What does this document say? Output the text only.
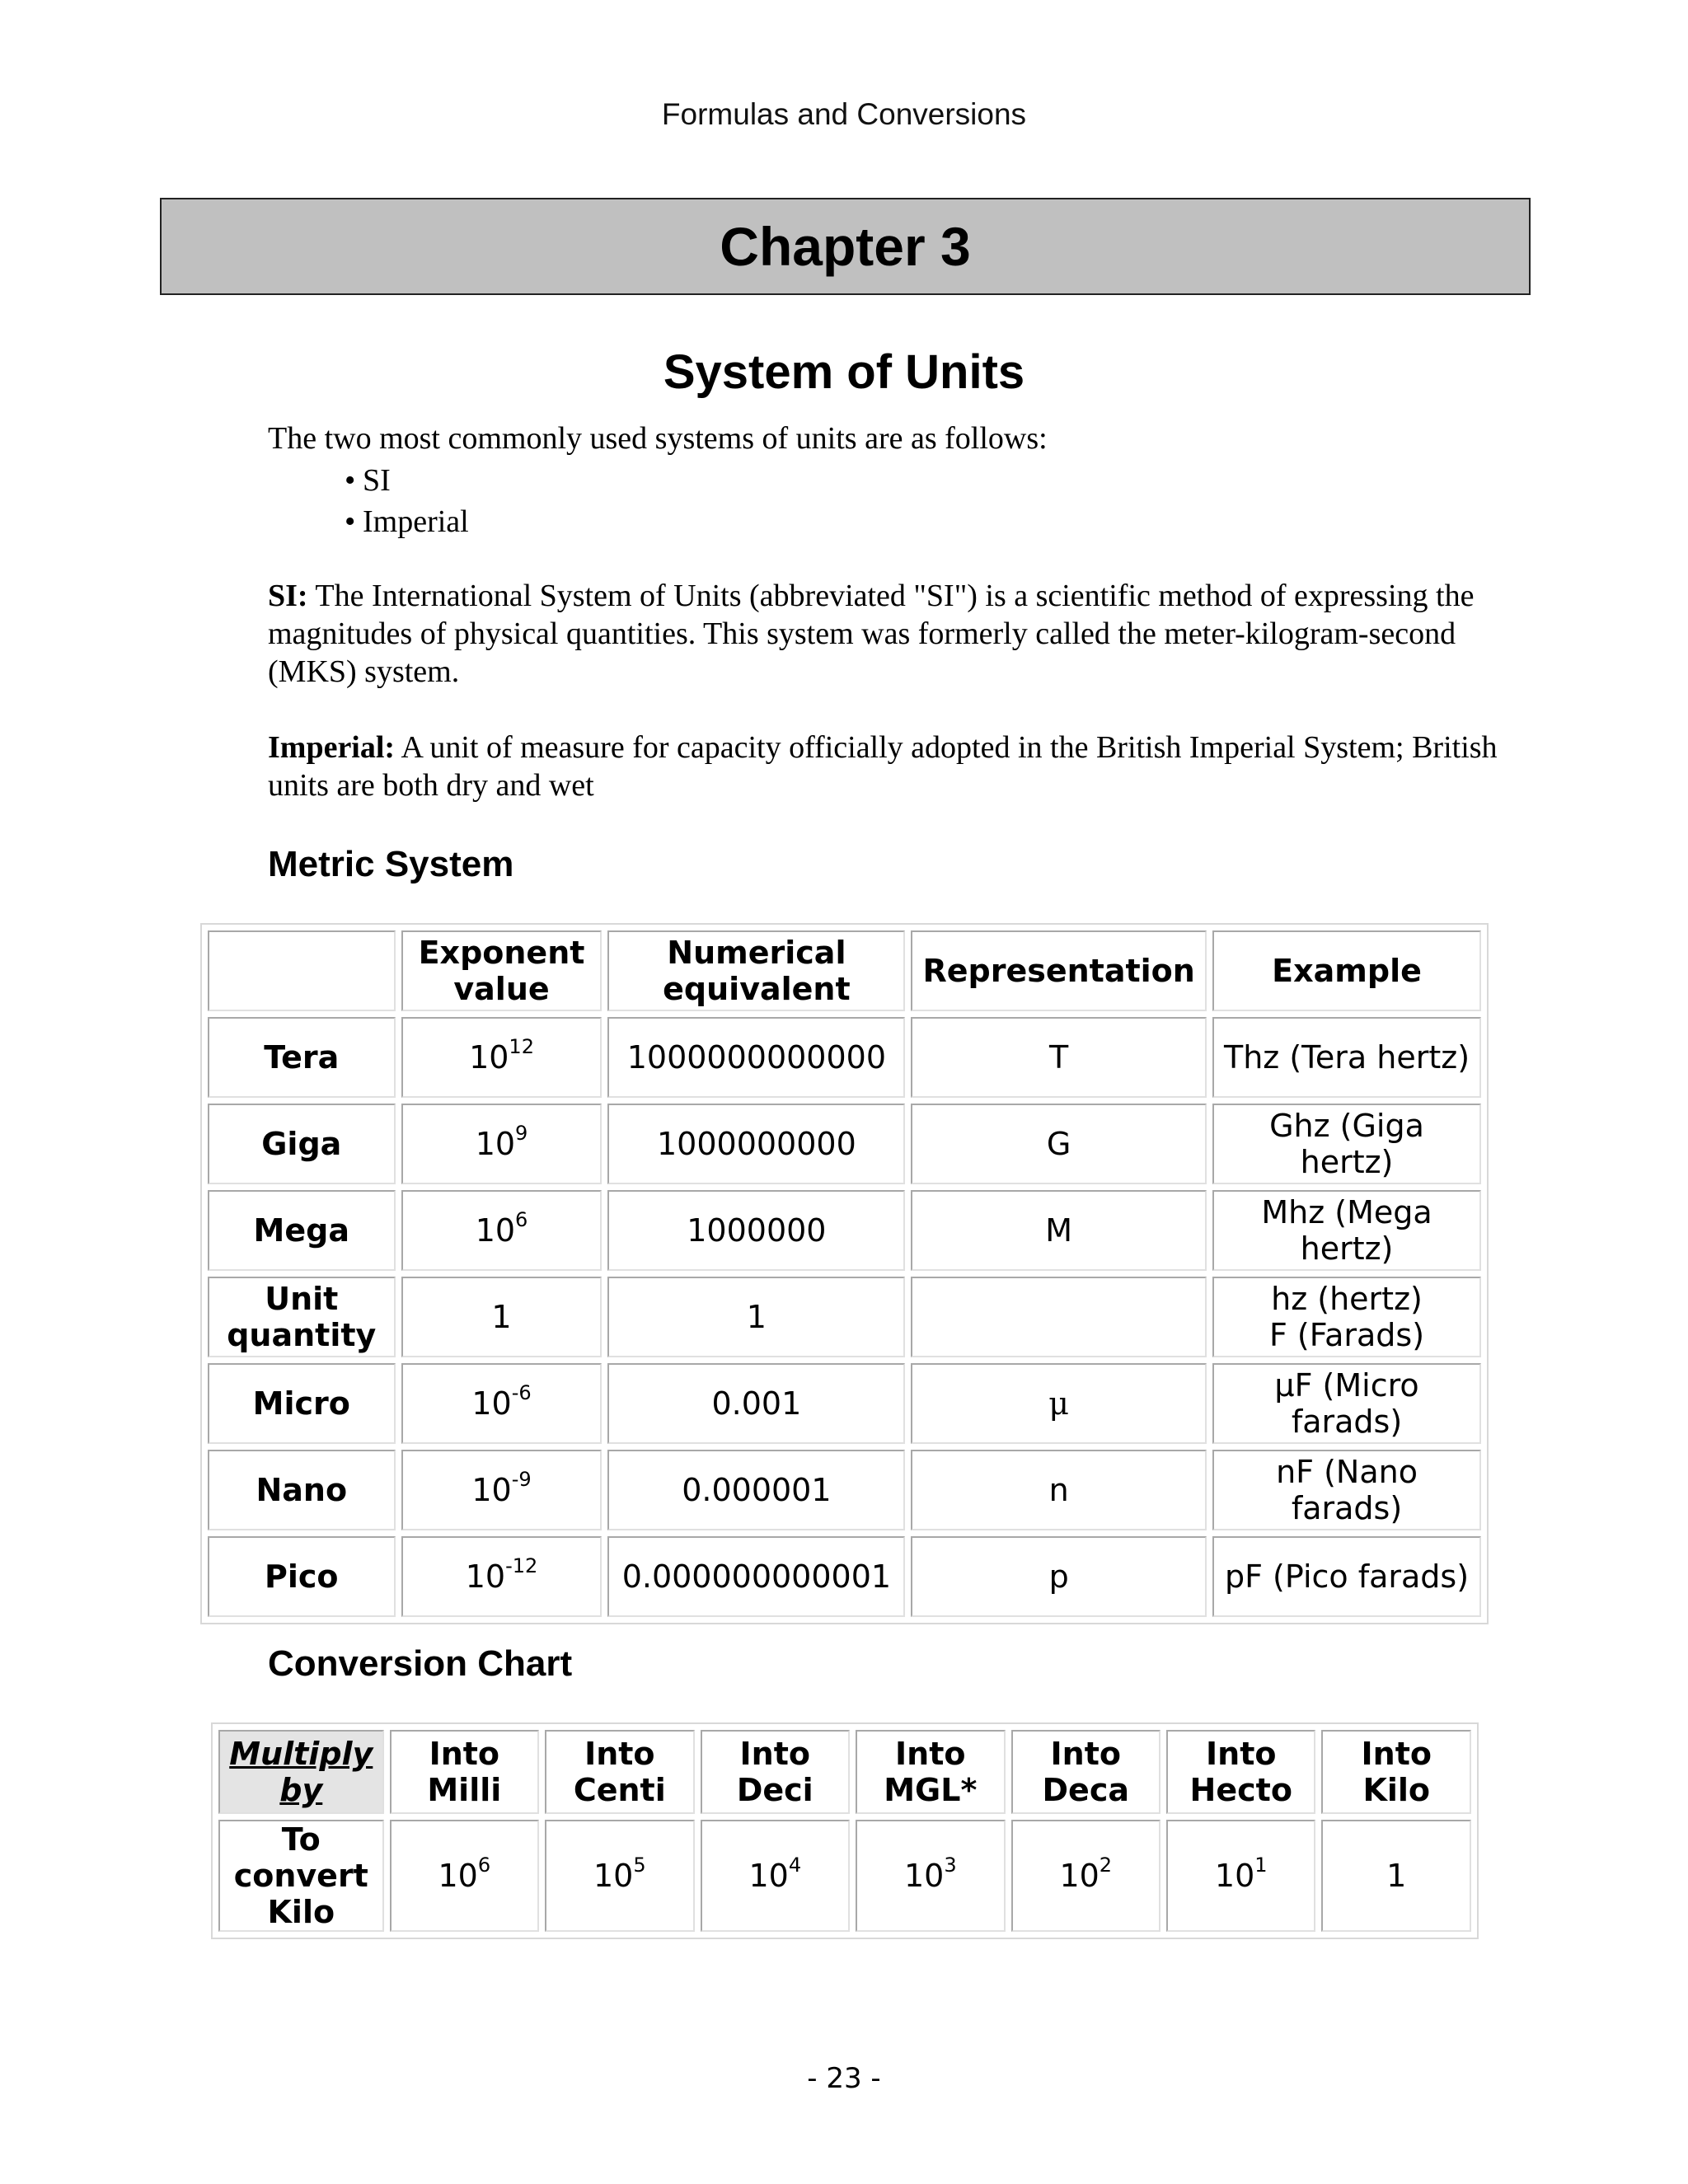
Formulas and Conversions
Chapter 3
System of Units
The two most commonly used systems of units are as follows:
• SI
• Imperial
SI: The International System of Units (abbreviated "SI") is a scientific method of expressing the magnitudes of physical quantities. This system was formerly called the meter-kilogram-second (MKS) system.
Imperial: A unit of measure for capacity officially adopted in the British Imperial System; British units are both dry and wet
Metric System
	Exponent value	Numerical equivalent	Representation	Example
Tera	$10^{12}$	1000000000000	T	Thz (Tera hertz)
Giga	$10^9$	1000000000	G	Ghz (Giga hertz)
Mega	$10^6$	1000000	M	Mhz (Mega hertz)
Unit quantity	1	1		hz (hertz)
F (Farads)
Micro	$10^{-6}$	0.001	μ	μF (Micro farads)
Nano	$10^{-9}$	0.000001	n	nF (Nano farads)
Pico	$10^{-12}$	0.000000000001	p	pF (Pico farads)
Conversion Chart
Multiply by	Into Milli	Into Centi	Into Deci	Into MGL*	Into Deca	Into Hecto	Into Kilo
To convert Kilo	$10^6$	$10^5$	$10^4$	$10^3$	$10^2$	$10^1$	1
- 23 -
